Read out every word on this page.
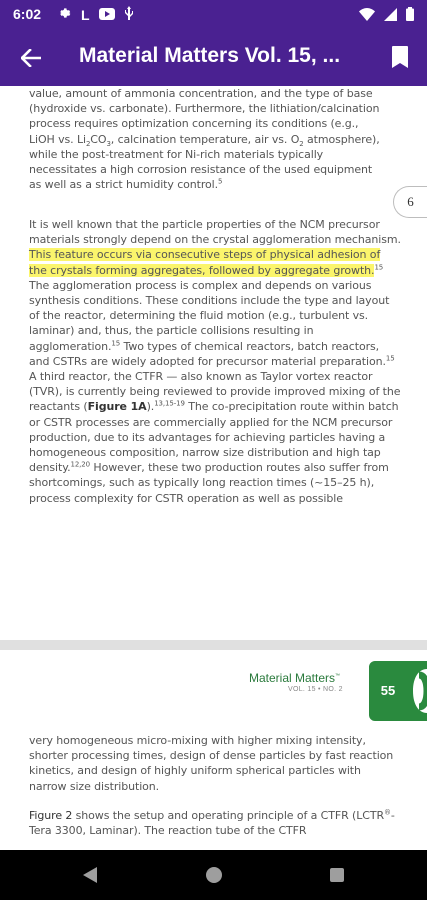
6:02	L
Material Matters Vol. 15, ...
value, amount of ammonia concentration, and the type of base
(hydroxide vs. carbonate). Furthermore, the lithiation/calcination
process requires optimization concerning its conditions (e.g.,
LiOH vs. $Li_2CO_3$, calcination temperature, air vs. $O_2$ atmosphere),
while the post-treatment for Ni-rich materials typically
necessitates a high corrosion resistance of the used equipment
as well as a strict humidity control.$^5$
It is well known that the particle properties of the NCM precursor materials strongly depend on the crystal agglomeration mechanism. This feature occurs via consecutive steps of physical adhesion of the crystals forming aggregates, followed by aggregate growth.$^{15}$ The agglomeration process is complex and depends on various synthesis conditions. These conditions include the type and layout of the reactor, determining the fluid motion (e.g., turbulent vs. laminar) and, thus, the particle collisions resulting in agglomeration.$^{15}$ Two types of chemical reactors, batch reactors, and CSTRs are widely adopted for precursor material preparation.$^{15}$ A third reactor, the CTFR — also known as Taylor vortex reactor (TVR), is currently being reviewed to provide improved mixing of the reactants (Figure 1A).$^{13,15-19}$ The co-precipitation route within batch or CSTR processes are commercially applied for the NCM precursor production, due to its advantages for achieving particles having a homogeneous composition, narrow size distribution and high tap density.$^{12,20}$ However, these two production routes also suffer from shortcomings, such as typically long reaction times (~15–25 h), process complexity for CSTR operation as well as possible
Material Matters™
VOL. 15 • NO. 2	55
very homogeneous micro-mixing with higher mixing intensity, shorter processing times, design of dense particles by fast reaction kinetics, and design of highly uniform spherical particles with narrow size distribution.
Figure 2 shows the setup and operating principle of a CTFR (LCTR®-Tera 3300, Laminar). The reaction tube of the CTFR
6
